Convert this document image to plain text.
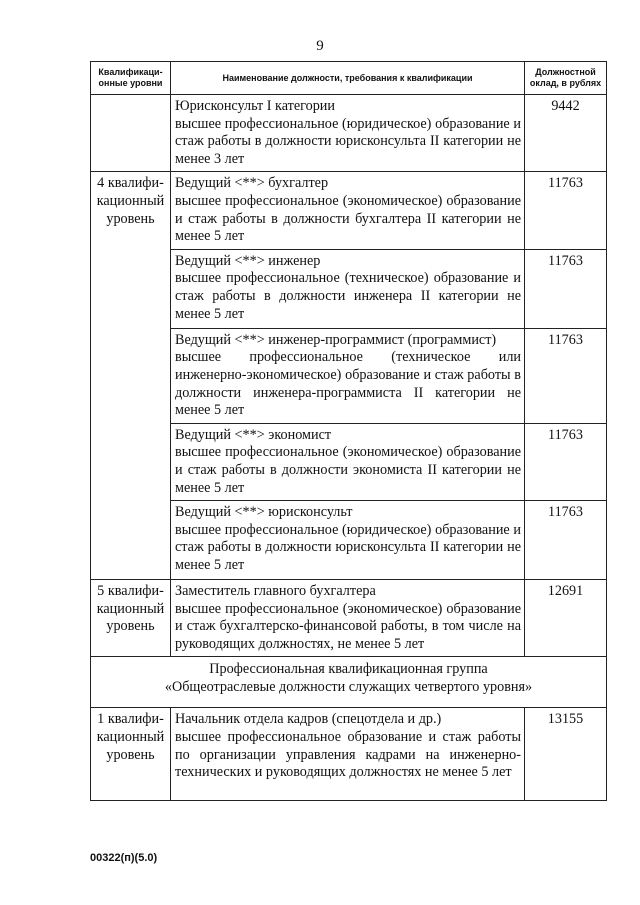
9
Квалификаци-
онные уровни	Наименование должности, требования к квалификации	Должностной
оклад, в рублях

	Юрисконсульт I категории
высшее профессиональное (юридическое) образование и стаж работы в должности юрисконсульта II категории не менее 3 лет	9442
4 квалифи-
кационный
уровень	Ведущий <**> бухгалтер
высшее профессиональное (экономическое) образование и стаж работы в должности бухгалтера II категории не менее 5 лет	11763

	Ведущий <**> инженер
высшее профессиональное (техническое) образование и стаж работы в должности инженера II категории не менее 5 лет	11763

	Ведущий <**> инженер-программист (программист)
высшее профессиональное (техническое или инженерно-экономическое) образование и стаж работы в должности инженера-программиста II категории не менее 5 лет	11763

	Ведущий <**> экономист
высшее профессиональное (экономическое) образование и стаж работы в должности экономиста II категории не менее 5 лет	11763

	Ведущий <**> юрисконсульт
высшее профессиональное (юридическое) образование и стаж работы в должности юрисконсульта II категории не менее 5 лет	11763
5 квалифи-
кационный
уровень	Заместитель главного бухгалтера
высшее профессиональное (экономическое) образование и стаж бухгалтерско-финансовой работы, в том числе на руководящих должностях, не менее 5 лет	12691

Профессиональная квалификационная группа
«Общеотраслевые должности служащих четвертого уровня»		

1 квалифи-
кационный
уровень	Начальник отдела кадров (спецотдела и др.)
высшее профессиональное образование и стаж работы по организации управления кадрами на инженерно-технических и руководящих должностях не менее 5 лет	13155
00322(п)(5.0)
